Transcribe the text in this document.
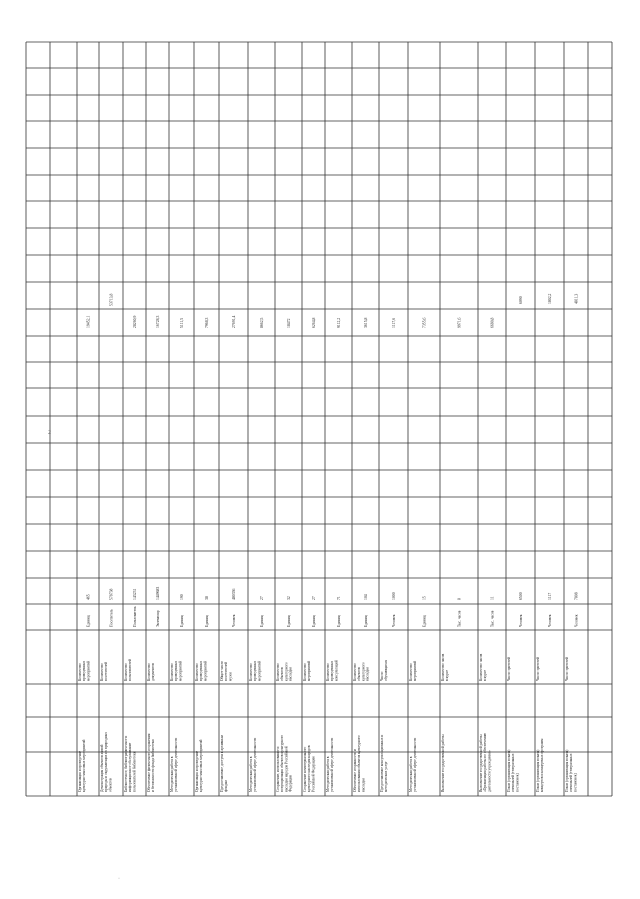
2
·
Организация и проведениекультурно-массовых мероприятий
Количествопроведенныхмероприятий
Единиц
465
19452,1
Демонстрация объектов живойприроды и окружающих их природныхобъектов
Количествопосетителей
Посетитель
578738
53713,8
Библиотечное, библиографическое иинформационное обслуживаниепользователей библиотеки
Количествопользователей
Пользователь
143231
28260,9
Обеспечение физического сохраненияи безопасности фонда библиотеки
Количестводокументов
Экземпляр
1449683
16728,3
Методическая работа вустановленной сфере деятельности
Количествопроведенныхмероприятий
Единиц
190
5111,5
Организация и проведениекультурно-массовых мероприятий
Количествопроведенныхмероприятий
Единиц
38
7968,3
Предоставление доступа к архивнымфондам
Общее числопосетителеймузея
Человек
480336
27691,4
Методическая работа вустановленной сфере деятельности
Количествопроведенныхмероприятий
Единиц
27
8662,5
Сохранение, использование ипопуляризация объектов культурногонаследия народов РоссийскойФедерации
Количествообъектовкультурногонаследия
Единиц
32
18472
Сохранение нематериальногокультурного наследия народовРоссийской Федерации
Количествомероприятий
Единиц
27
6264,8
Методическая работа вустановленной сфере деятельности
Количествопроведенныхконсультаций
Единиц
71
9112,2
Обеспечение сохранности ииспользования объектов культурногонаследия
Количествообъектовкультурногонаследия
Единиц
104
3615,8
Предоставление консультационных иметодических услуг
Числообучающихся
Человек
1000
1117,6
Методическая работа вустановленной сфере деятельности
Количествомероприятий
Единиц
15
7355,6
Выполнение государственной работы
Количество часовв курсе
Тыс. часов
8
9971,6
Выполнение государственной работы«Организация работы по обеспечениюдеятельности учреждения»
Количество часовв курсе
Тыс. часов
11
6680,8
Показ (организация показа)спектаклей (театральныхпостановок)
Число зрителей
Человек
6500
6090
Показ (организация показа)концертов и концертных программ
Число зрителей
Человек
1117
1802,2
Показ (организация показа)спектаклей (театральныхпостановок)
Число зрителей
Человек
7808
4811,3
